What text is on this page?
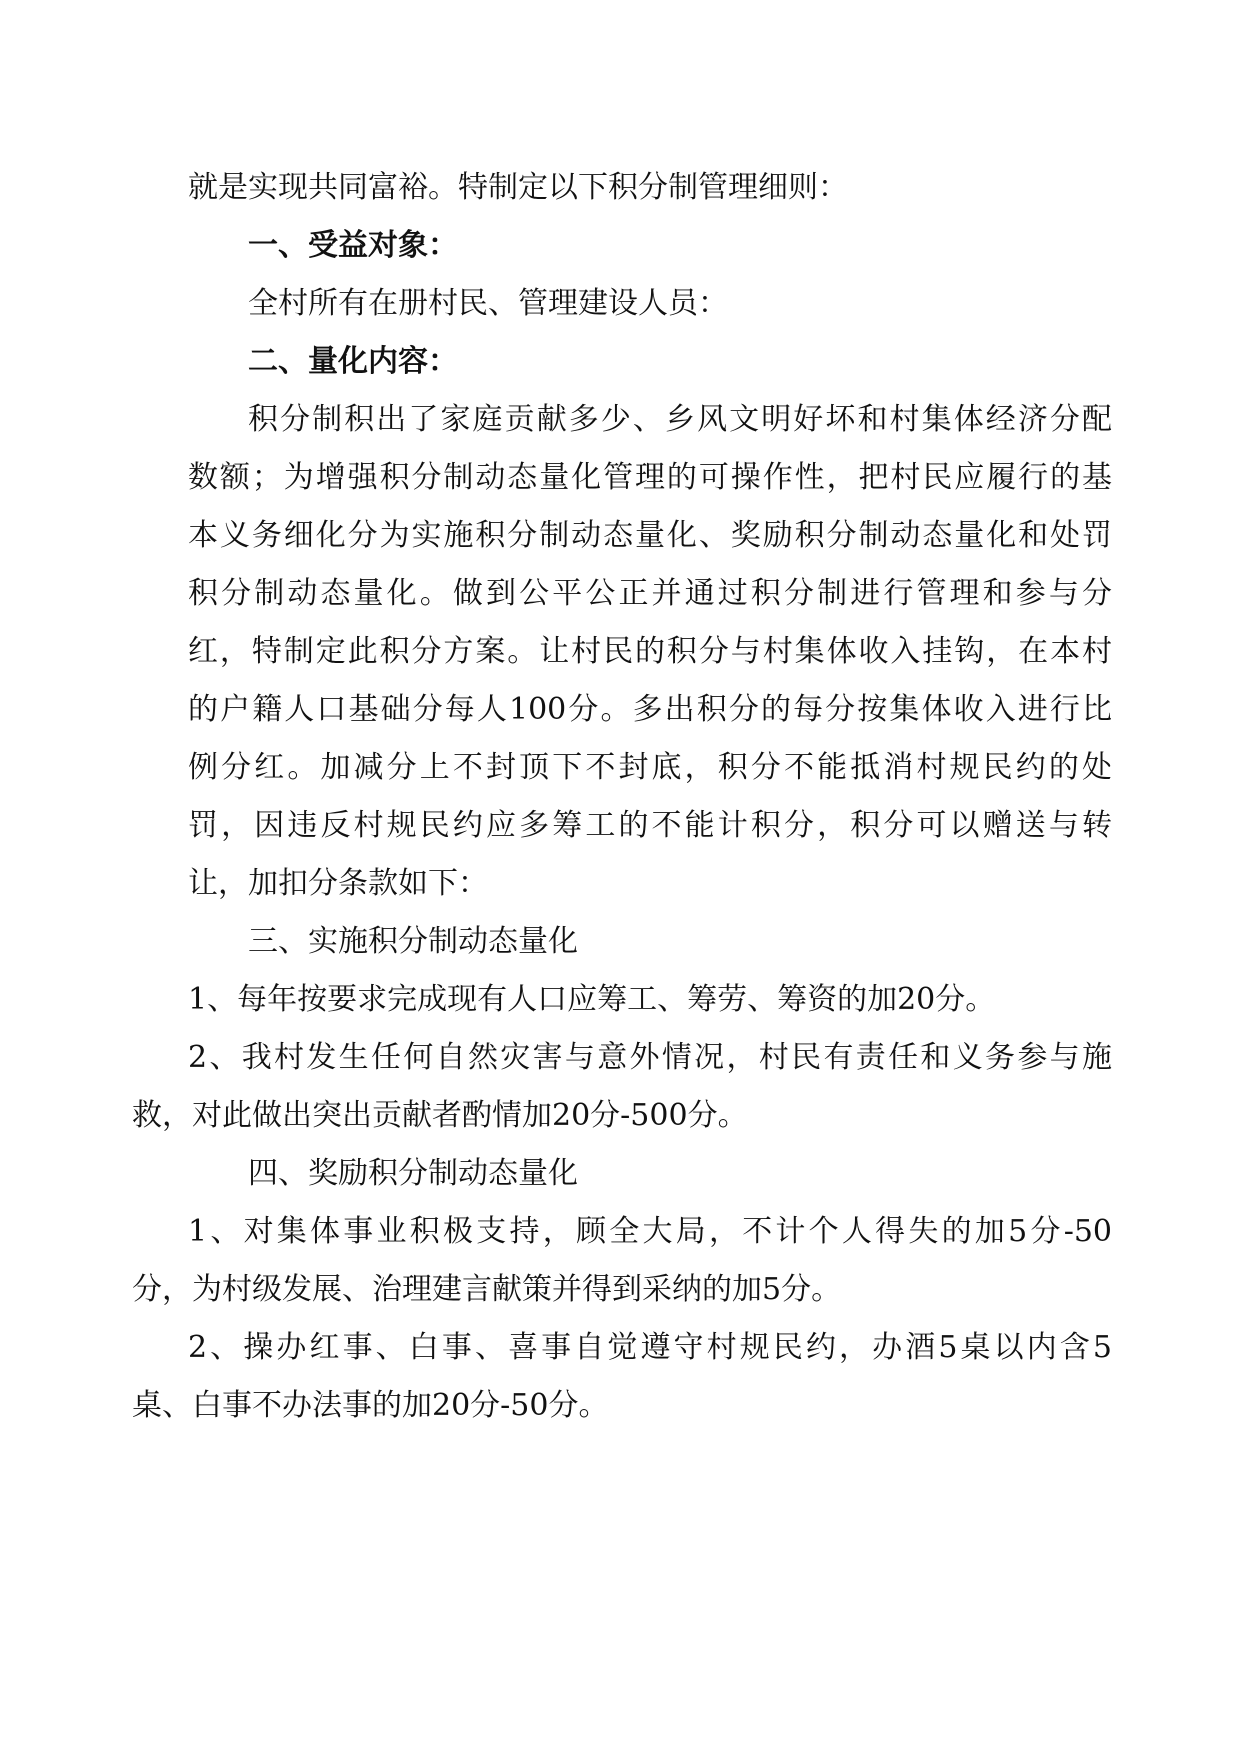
就是实现共同富裕。特制定以下积分制管理细则：

一、受益对象：

全村所有在册村民、管理建设人员：

二、量化内容：

积分制积出了家庭贡献多少、乡风文明好坏和村集体经济分配

数额；为增强积分制动态量化管理的可操作性，把村民应履行的基

本义务细化分为实施积分制动态量化、奖励积分制动态量化和处罚

积分制动态量化。做到公平公正并通过积分制进行管理和参与分

红，特制定此积分方案。让村民的积分与村集体收入挂钩，在本村

的户籍人口基础分每人100分。多出积分的每分按集体收入进行比

例分红。加减分上不封顶下不封底，积分不能抵消村规民约的处

罚，因违反村规民约应多筹工的不能计积分，积分可以赠送与转

让，加扣分条款如下：

三、实施积分制动态量化

1、每年按要求完成现有人口应筹工、筹劳、筹资的加20分。

2、我村发生任何自然灾害与意外情况，村民有责任和义务参与施

救，对此做出突出贡献者酌情加20分-500分。

四、奖励积分制动态量化

1、对集体事业积极支持，顾全大局，不计个人得失的加5分-50

分，为村级发展、治理建言献策并得到采纳的加5分。

2、操办红事、白事、喜事自觉遵守村规民约，办酒5桌以内含5

桌、白事不办法事的加20分-50分。
